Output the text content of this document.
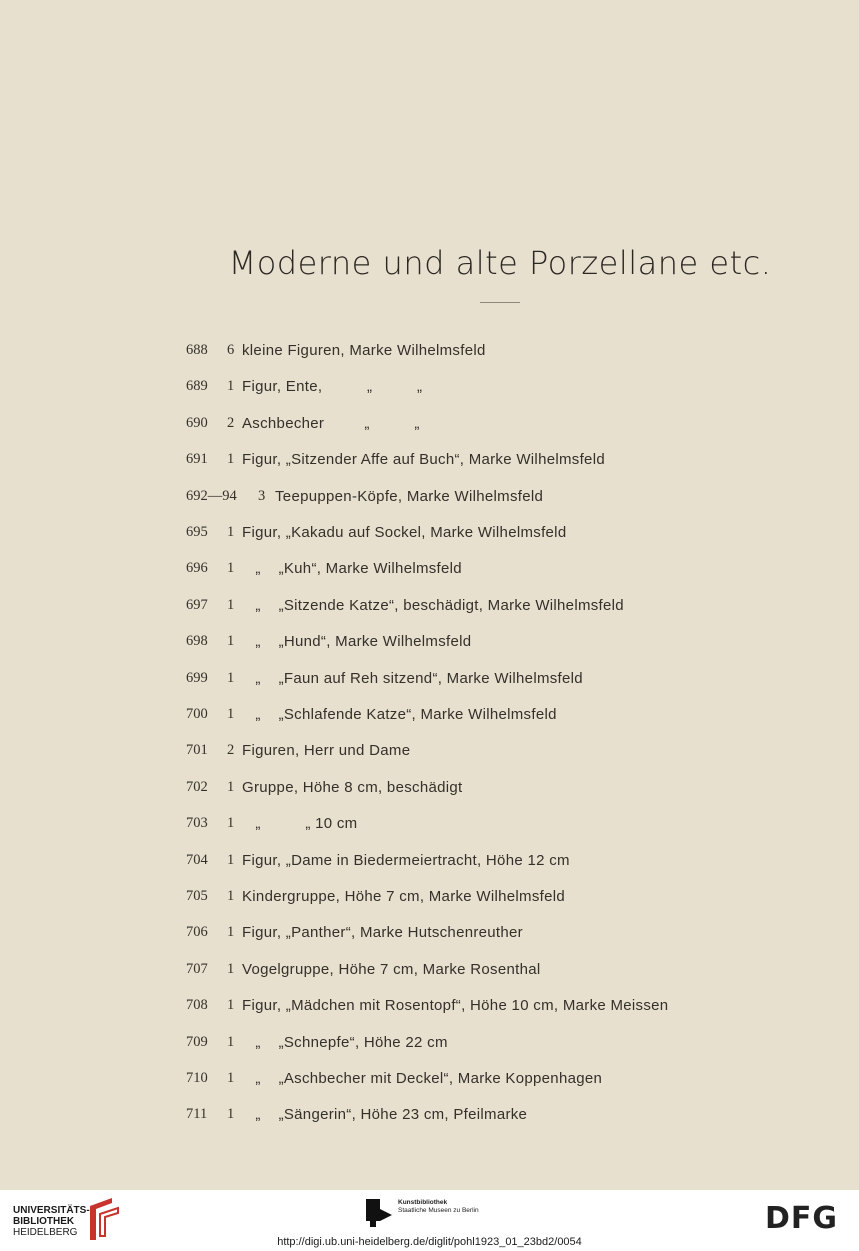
Moderne und alte Porzellane etc.
688 6 kleine Figuren, Marke Wilhelmsfeld
689 1 Figur, Ente,          „          „
690 2 Aschbecher         „          „
691 1 Figur, „Sitzender Affe auf Buch“, Marke Wilhelmsfeld
692—94 3 Teepuppen-Köpfe, Marke Wilhelmsfeld
695 1 Figur, „Kakadu auf Sockel, Marke Wilhelmsfeld
696 1 „    „Kuh“, Marke Wilhelmsfeld
697 1 „    „Sitzende Katze“, beschädigt, Marke Wilhelmsfeld
698 1 „    „Hund“, Marke Wilhelmsfeld
699 1 „    „Faun auf Reh sitzend“, Marke Wilhelmsfeld
700 1 „    „Schlafende Katze“, Marke Wilhelmsfeld
701 2 Figuren, Herr und Dame
702 1 Gruppe, Höhe 8 cm, beschädigt
703 1 „          „ 10 cm
704 1 Figur, „Dame in Biedermeiertracht, Höhe 12 cm
705 1 Kindergruppe, Höhe 7 cm, Marke Wilhelmsfeld
706 1 Figur, „Panther“, Marke Hutschenreuther
707 1 Vogelgruppe, Höhe 7 cm, Marke Rosenthal
708 1 Figur, „Mädchen mit Rosentopf“, Höhe 10 cm, Marke Meissen
709 1 „    „Schnepfe“, Höhe 22 cm
710 1 „    „Aschbecher mit Deckel“, Marke Koppenhagen
711 1 „    „Sängerin“, Höhe 23 cm, Pfeilmarke
UNIVERSITÄTS-
BIBLIOTHEK
HEIDELBERG
Kunstbibliothek
Staatliche Museen zu Berlin	DFG
http://digi.ub.uni-heidelberg.de/diglit/pohl1923_01_23bd2/0054
